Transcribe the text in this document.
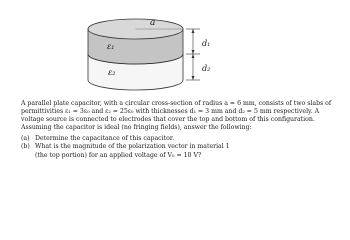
a
ε₁
ε₂
d₁
d₂

A parallel plate capacitor, with a circular cross-section of radius a = 6 mm, consists of two slabs of permittivities ε₁ = 3ε₀ and ε₂ = 25ε₀ with thicknesses d₁ = 3 mm and d₂ = 5 mm respectively. A voltage source is connected to electrodes that cover the top and bottom of this configuration. Assuming the capacitor is ideal (no fringing fields), answer the following:

(a) Determine the capacitance of this capacitor.
(b) What is the magnitude of the polarization vector in material 1
(the top portion) for an applied voltage of V₀ = 10 V?
